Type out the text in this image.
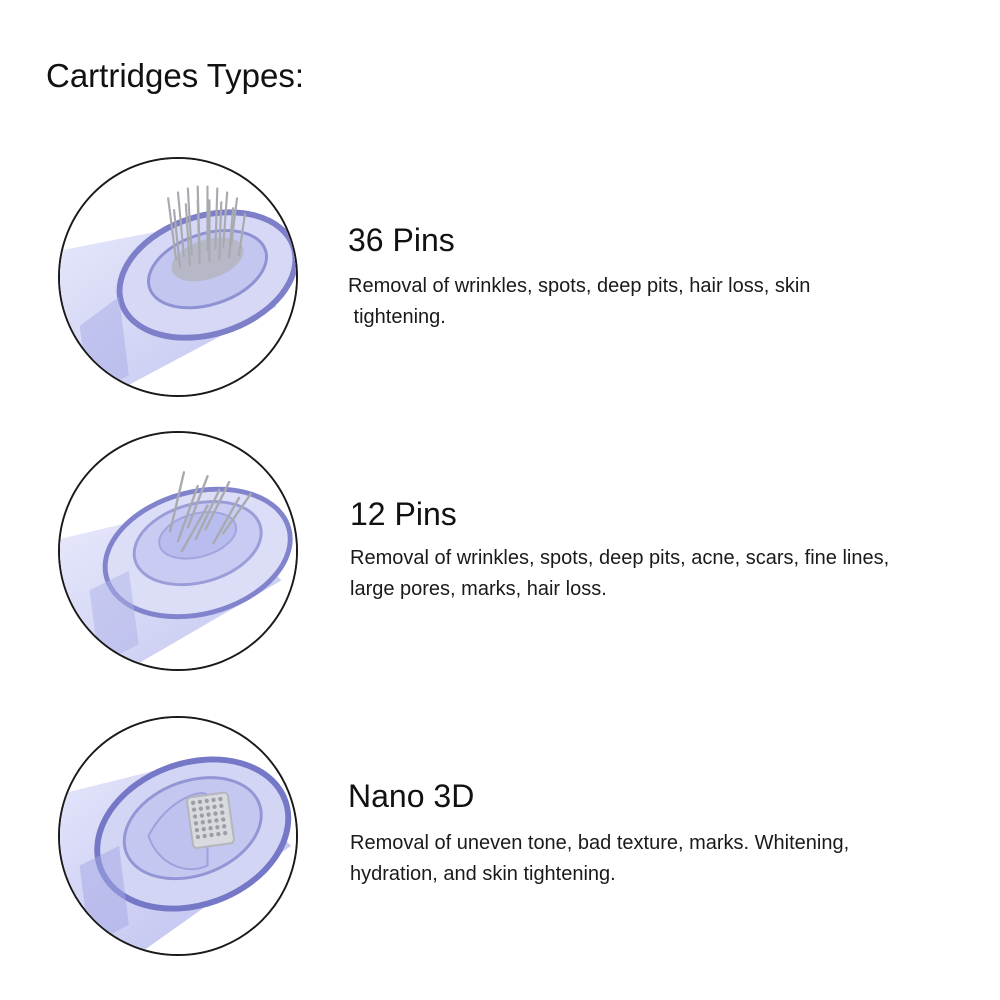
Cartridges Types:
36 Pins

Removal of wrinkles, spots, deep pits, hair loss, skin
tightening.

12 Pins

Removal of wrinkles, spots, deep pits, acne, scars, fine lines,
large pores, marks, hair loss.

Nano 3D

Removal of uneven tone, bad texture, marks. Whitening,
hydration, and skin tightening.
